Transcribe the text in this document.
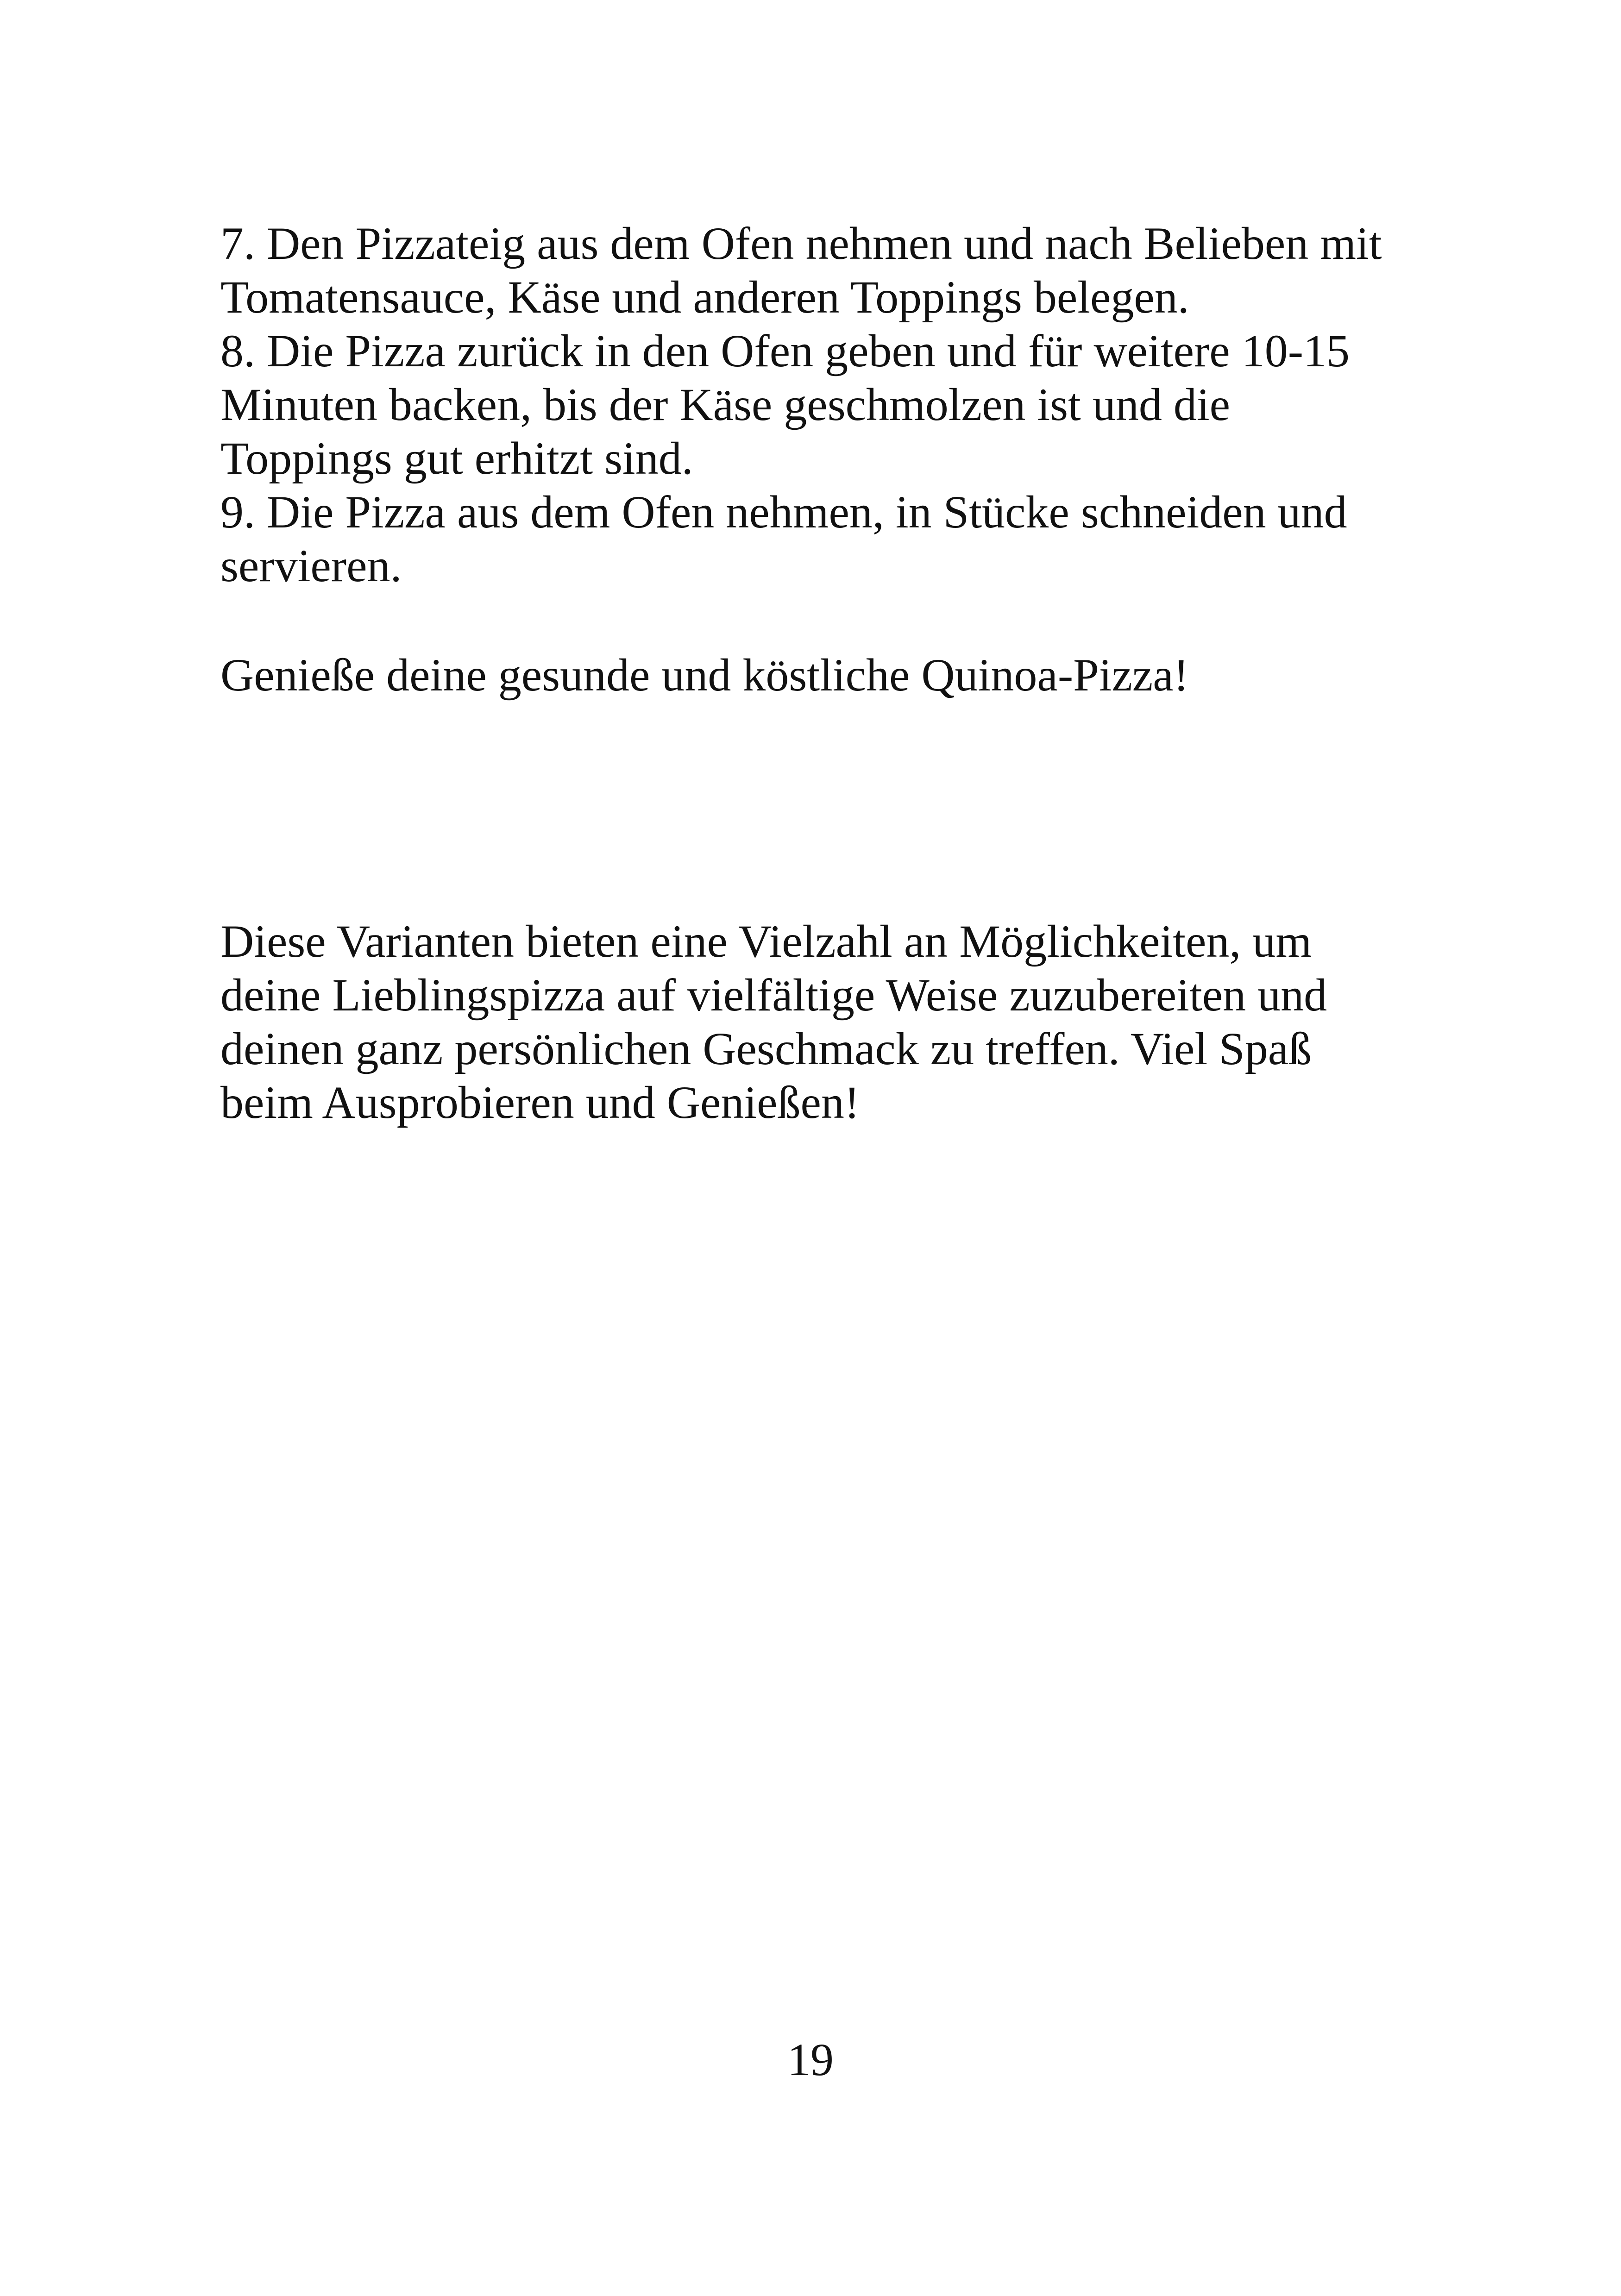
7. Den Pizzateig aus dem Ofen nehmen und nach Belieben mit

Tomatensauce, Käse und anderen Toppings belegen.

8. Die Pizza zurück in den Ofen geben und für weitere 10-15

Minuten backen, bis der Käse geschmolzen ist und die

Toppings gut erhitzt sind.

9. Die Pizza aus dem Ofen nehmen, in Stücke schneiden und

servieren.

Genieße deine gesunde und köstliche Quinoa-Pizza!

Diese Varianten bieten eine Vielzahl an Möglichkeiten, um

deine Lieblingspizza auf vielfältige Weise zuzubereiten und

deinen ganz persönlichen Geschmack zu treffen. Viel Spaß

beim Ausprobieren und Genießen!

19
